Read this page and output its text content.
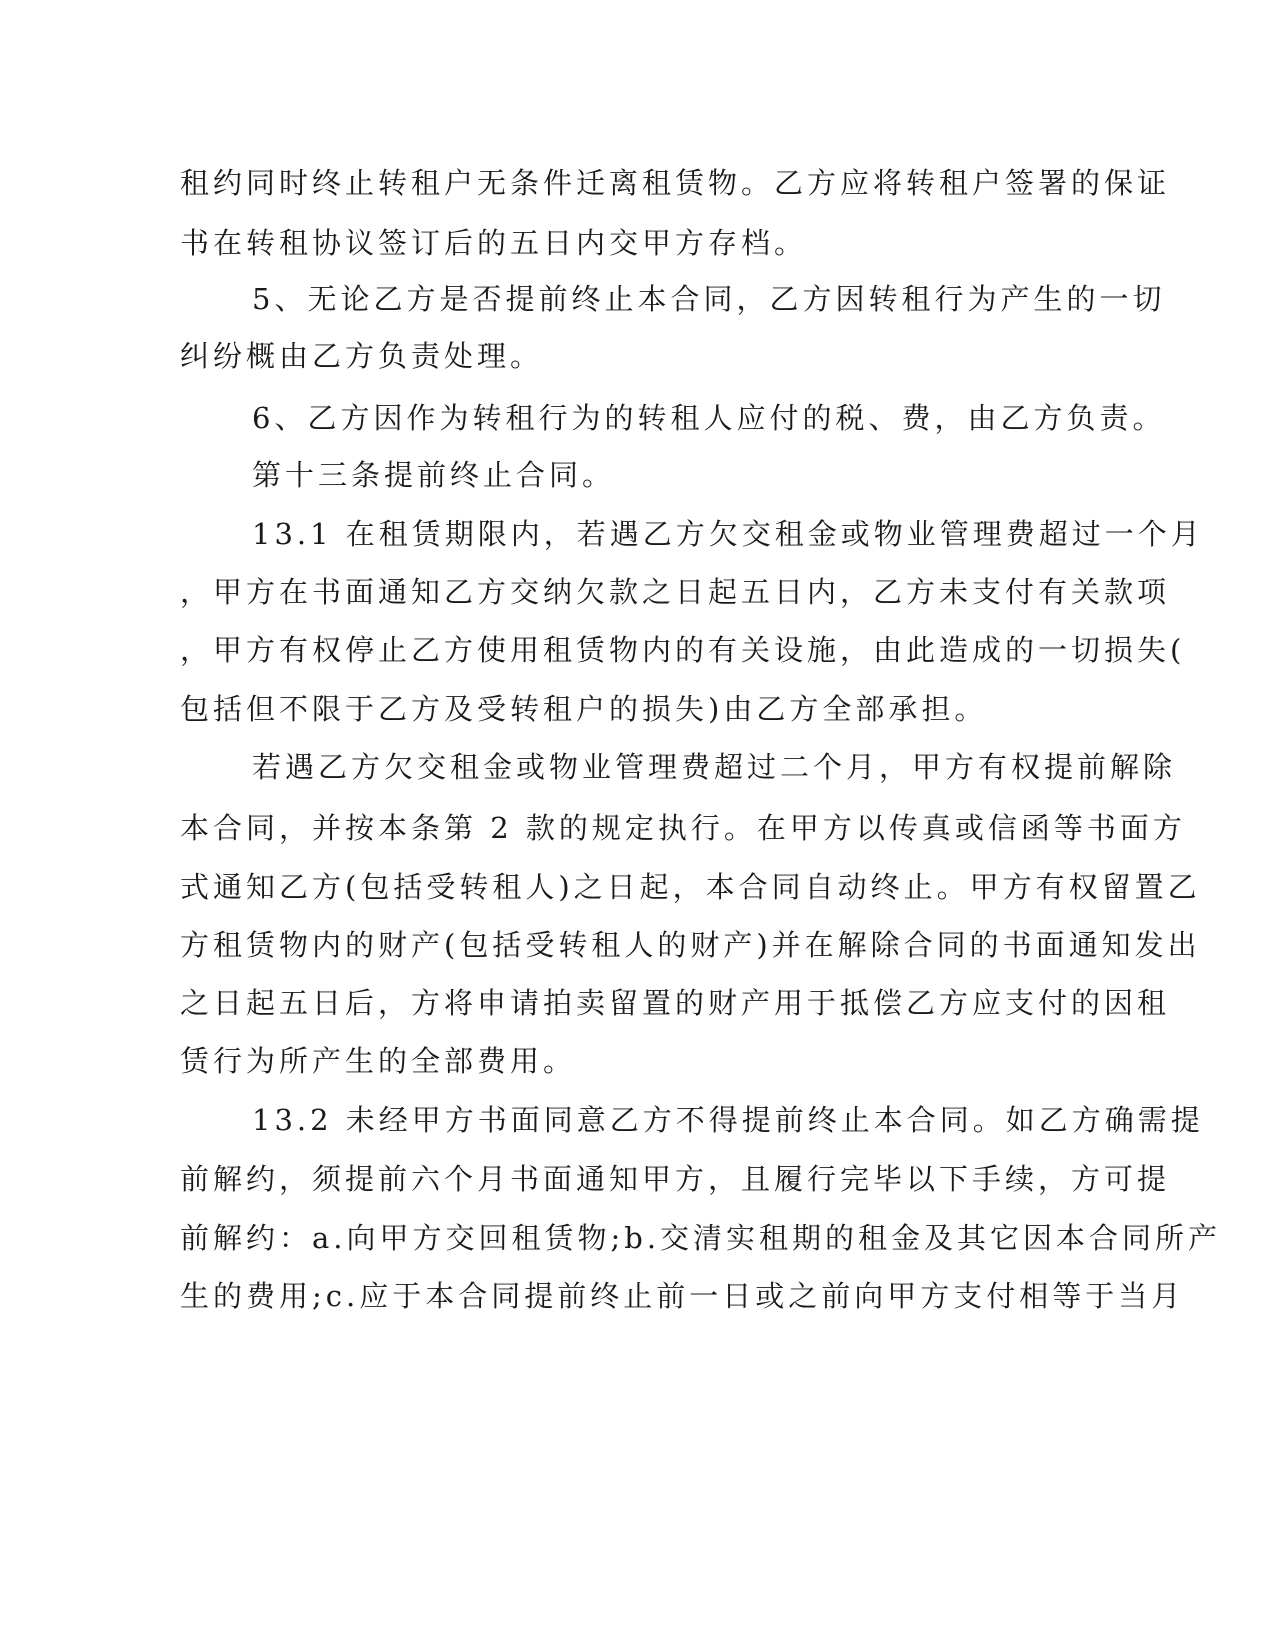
租约同时终止转租户无条件迁离租赁物。乙方应将转租户签署的保证
书在转租协议签订后的五日内交甲方存档。
5、无论乙方是否提前终止本合同，乙方因转租行为产生的一切
纠纷概由乙方负责处理。
6、乙方因作为转租行为的转租人应付的税、费，由乙方负责。
第十三条提前终止合同。
13.1 在租赁期限内，若遇乙方欠交租金或物业管理费超过一个月
，甲方在书面通知乙方交纳欠款之日起五日内，乙方未支付有关款项
，甲方有权停止乙方使用租赁物内的有关设施，由此造成的一切损失(
包括但不限于乙方及受转租户的损失)由乙方全部承担。
若遇乙方欠交租金或物业管理费超过二个月，甲方有权提前解除
本合同，并按本条第 2 款的规定执行。在甲方以传真或信函等书面方
式通知乙方(包括受转租人)之日起，本合同自动终止。甲方有权留置乙
方租赁物内的财产(包括受转租人的财产)并在解除合同的书面通知发出
之日起五日后，方将申请拍卖留置的财产用于抵偿乙方应支付的因租
赁行为所产生的全部费用。
13.2 未经甲方书面同意乙方不得提前终止本合同。如乙方确需提
前解约，须提前六个月书面通知甲方，且履行完毕以下手续，方可提
前解约：a.向甲方交回租赁物;b.交清实租期的租金及其它因本合同所产
生的费用;c.应于本合同提前终止前一日或之前向甲方支付相等于当月
